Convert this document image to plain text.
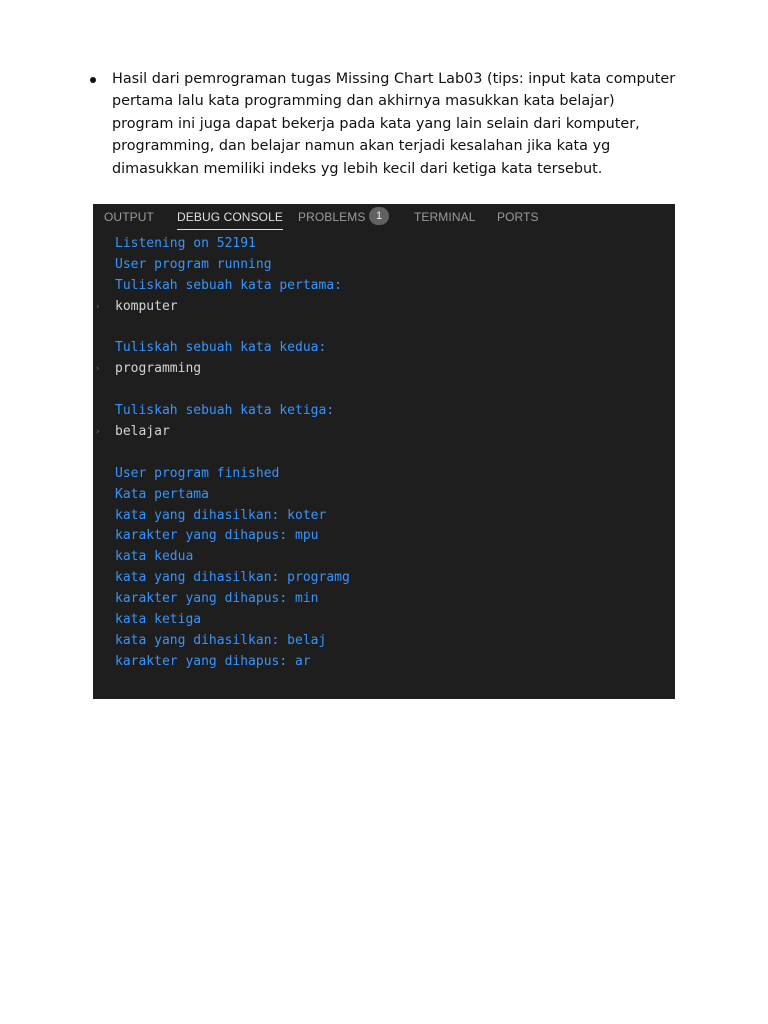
Hasil dari pemrograman tugas Missing Chart Lab03 (tips: input kata computer pertama lalu kata programming dan akhirnya masukkan kata belajar) program ini juga dapat bekerja pada kata yang lain selain dari komputer, programming, dan belajar namun akan terjadi kesalahan jika kata yg dimasukkan memiliki indeks yg lebih kecil dari ketiga kata tersebut.
OUTPUT DEBUG CONSOLE PROBLEMS 1	TERMINAL PORTS
Listening on 52191
User program running
Tuliskah sebuah kata pertama:
› komputer
Tuliskah sebuah kata kedua:
› programming
Tuliskah sebuah kata ketiga:
› belajar
User program finished
Kata pertama
kata yang dihasilkan: koter
karakter yang dihapus: mpu
kata kedua
kata yang dihasilkan: programg
karakter yang dihapus: min
kata ketiga
kata yang dihasilkan: belaj
karakter yang dihapus: ar
